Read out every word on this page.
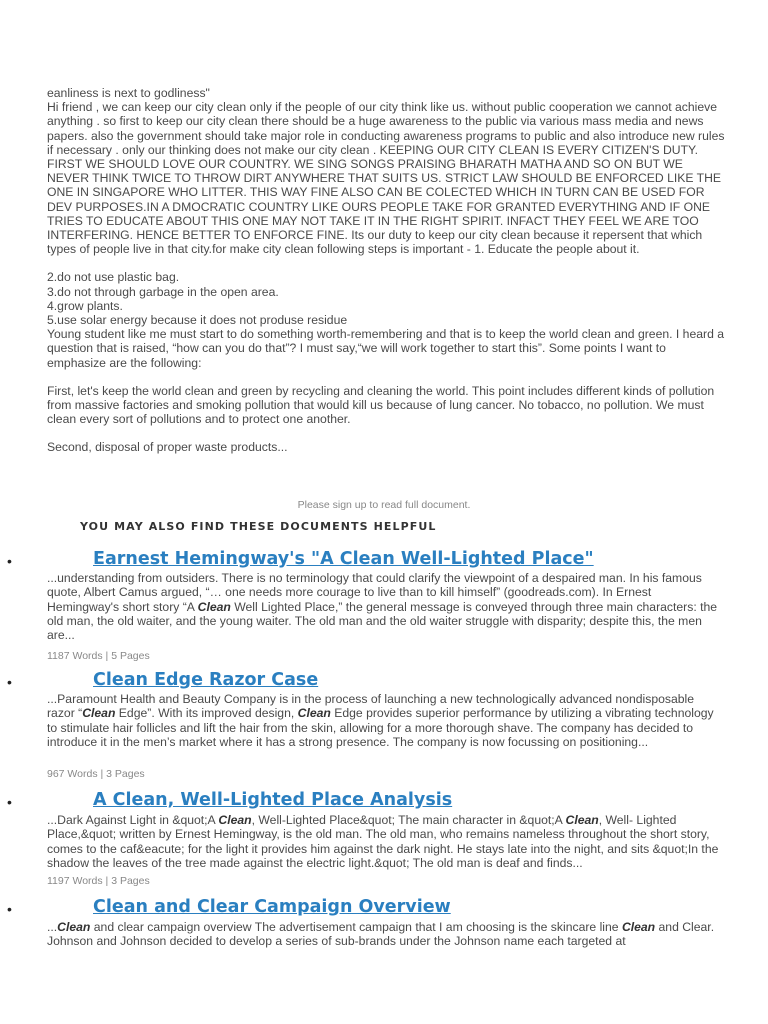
eanliness is next to godliness"

Hi friend , we can keep our city clean only if the people of our city think like us. without public cooperation we cannot achieve anything . so first to keep our city clean there should be a huge awareness to the public via various mass media and news papers. also the government should take major role in conducting awareness programs to public and also introduce new rules if necessary . only our thinking does not make our city clean . KEEPING OUR CITY CLEAN IS EVERY CITIZEN'S DUTY. FIRST WE SHOULD LOVE OUR COUNTRY. WE SING SONGS PRAISING BHARATH MATHA AND SO ON BUT WE NEVER THINK TWICE TO THROW DIRT ANYWHERE THAT SUITS US. STRICT LAW SHOULD BE ENFORCED LIKE THE ONE IN SINGAPORE WHO LITTER. THIS WAY FINE ALSO CAN BE COLECTED WHICH IN TURN CAN BE USED FOR DEV PURPOSES.IN A DMOCRATIC COUNTRY LIKE OURS PEOPLE TAKE FOR GRANTED EVERYTHING AND IF ONE TRIES TO EDUCATE ABOUT THIS ONE MAY NOT TAKE IT IN THE RIGHT SPIRIT. INFACT THEY FEEL WE ARE TOO INTERFERING. HENCE BETTER TO ENFORCE FINE. Its our duty to keep our city clean because it repersent that which types of people live in that city.for make city clean following steps is important - 1. Educate the people about it.

2.do not use plastic bag.

3.do not through garbage in the open area.

4.grow plants.

5.use solar energy because it does not produse residue

Young student like me must start to do something worth-remembering and that is to keep the world clean and green. I heard a question that is raised, “how can you do that”? I must say,“we will work together to start this”. Some points I want to emphasize are the following:

First, let's keep the world clean and green by recycling and cleaning the world. This point includes different kinds of pollution from massive factories and smoking pollution that would kill us because of lung cancer. No tobacco, no pollution. We must clean every sort of pollutions and to protect one another.

Second, disposal of proper waste products...

Please sign up to read full document.
YOU MAY ALSO FIND THESE DOCUMENTS HELPFUL
•	Earnest Hemingway's "A Clean Well-Lighted Place"
...understanding from outsiders. There is no terminology that could clarify the viewpoint of a despaired man. In his famous quote, Albert Camus argued, “… one needs more courage to live than to kill himself” (goodreads.com). In Ernest Hemingway's short story “A Clean Well Lighted Place,” the general message is conveyed through three main characters: the old man, the old waiter, and the young waiter. The old man and the old waiter struggle with disparity; despite this, the men are...
1187 Words | 5 Pages
•	Clean Edge Razor Case
...Paramount Health and Beauty Company is in the process of launching a new technologically advanced nondisposable razor “Clean Edge”. With its improved design, Clean Edge provides superior performance by utilizing a vibrating technology to stimulate hair follicles and lift the hair from the skin, allowing for a more thorough shave. The company has decided to introduce it in the men’s market where it has a strong presence. The company is now focussing on positioning...
967 Words | 3 Pages
•	A Clean, Well-Lighted Place Analysis
...Dark Against Light in &quot;A Clean, Well-Lighted Place&quot; The main character in &quot;A Clean, Well- Lighted Place,&quot; written by Ernest Hemingway, is the old man. The old man, who remains nameless throughout the short story, comes to the caf&eacute; for the light it provides him against the dark night. He stays late into the night, and sits &quot;In the shadow the leaves of the tree made against the electric light.&quot; The old man is deaf and finds...
1197 Words | 3 Pages
•	Clean and Clear Campaign Overview
...Clean and clear campaign overview The advertisement campaign that I am choosing is the skincare line Clean and Clear. Johnson and Johnson decided to develop a series of sub-brands under the Johnson name each targeted at
